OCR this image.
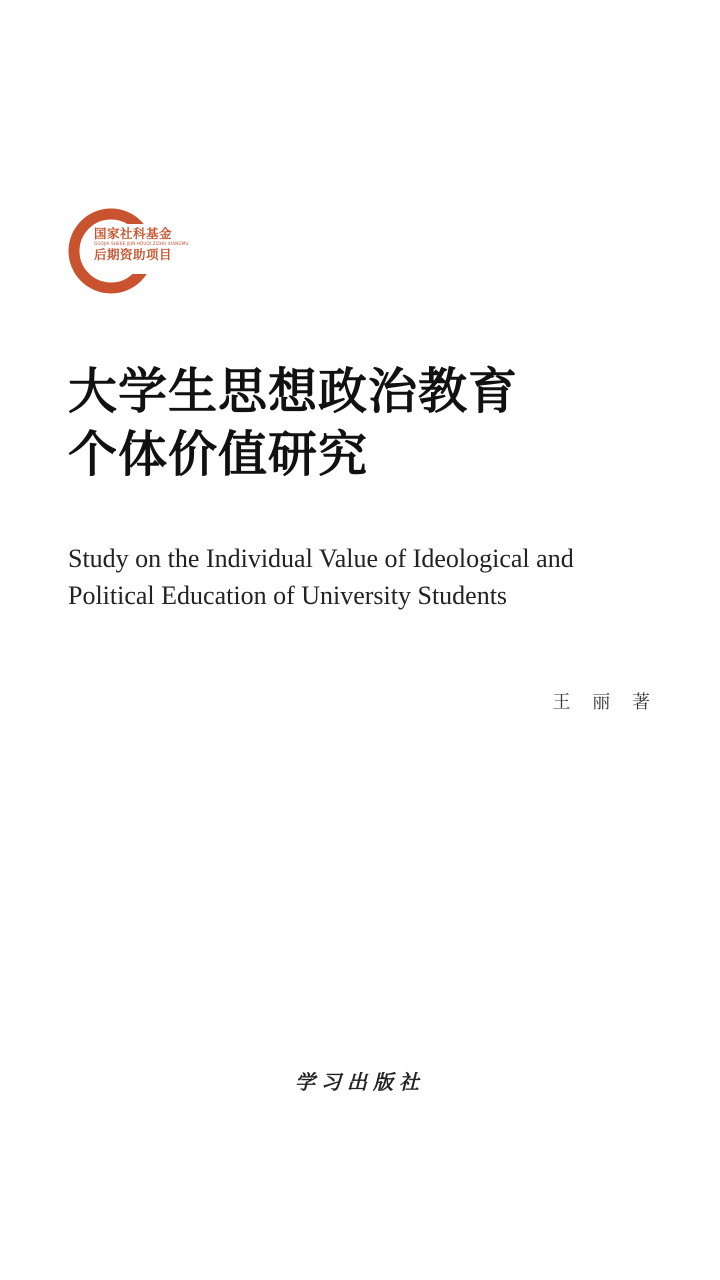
国家社科基金
GUOJIA SHEKE JIJIN HOUQI ZIZHU XIANGMU
后期资助项目
大学生思想政治教育
个体价值研究
Study on the Individual Value of Ideological and
Political Education of University Students
王 丽 著
学习出版社
